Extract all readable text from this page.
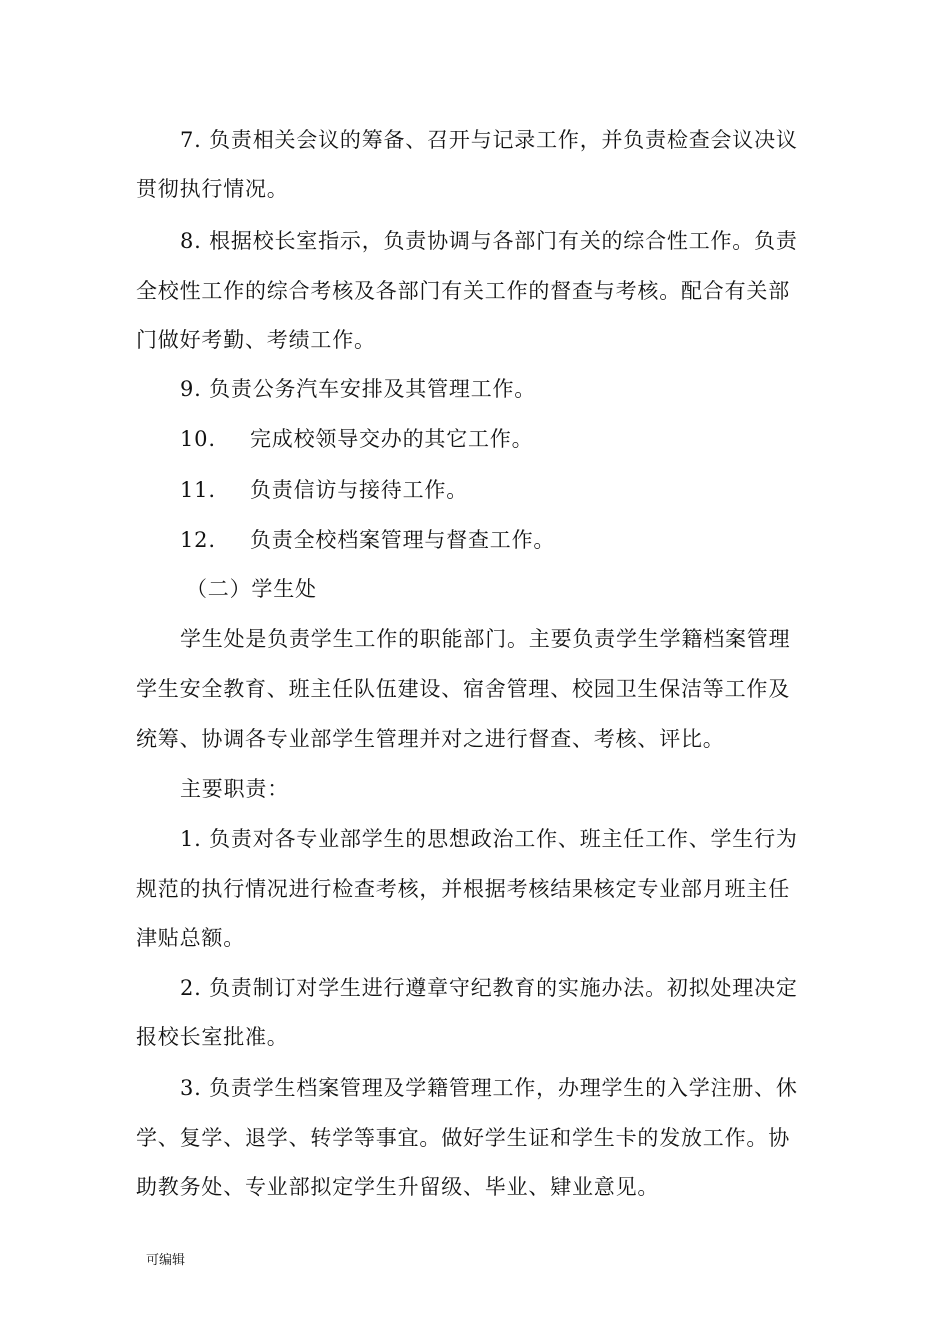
7. 负责相关会议的筹备、召开与记录工作，并负责检查会议决议
贯彻执行情况。
8. 根据校长室指示，负责协调与各部门有关的综合性工作。负责
全校性工作的综合考核及各部门有关工作的督查与考核。配合有关部
门做好考勤、考绩工作。
9. 负责公务汽车安排及其管理工作。
10.	完成校领导交办的其它工作。
11.	负责信访与接待工作。
12.	负责全校档案管理与督查工作。
（二）学生处
学生处是负责学生工作的职能部门。主要负责学生学籍档案管理
学生安全教育、班主任队伍建设、宿舍管理、校园卫生保洁等工作及
统筹、协调各专业部学生管理并对之进行督查、考核、评比。
主要职责：
1. 负责对各专业部学生的思想政治工作、班主任工作、学生行为
规范的执行情况进行检查考核，并根据考核结果核定专业部月班主任
津贴总额。
2. 负责制订对学生进行遵章守纪教育的实施办法。初拟处理决定
报校长室批准。
3. 负责学生档案管理及学籍管理工作，办理学生的入学注册、休
学、复学、退学、转学等事宜。做好学生证和学生卡的发放工作。协
助教务处、专业部拟定学生升留级、毕业、肄业意见。
可编辑
